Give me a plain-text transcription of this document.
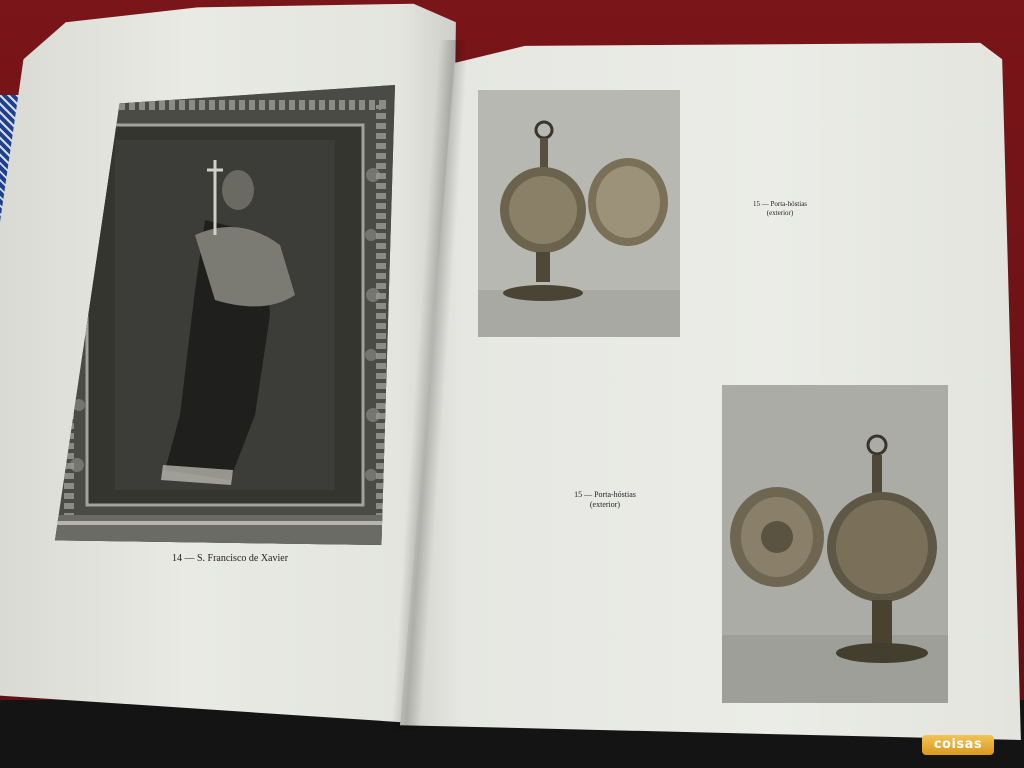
14 — S. Francisco de Xavier
15 — Porta-hóstias
(exterior)
15 — Porta-hóstias
(exterior)
coisas
